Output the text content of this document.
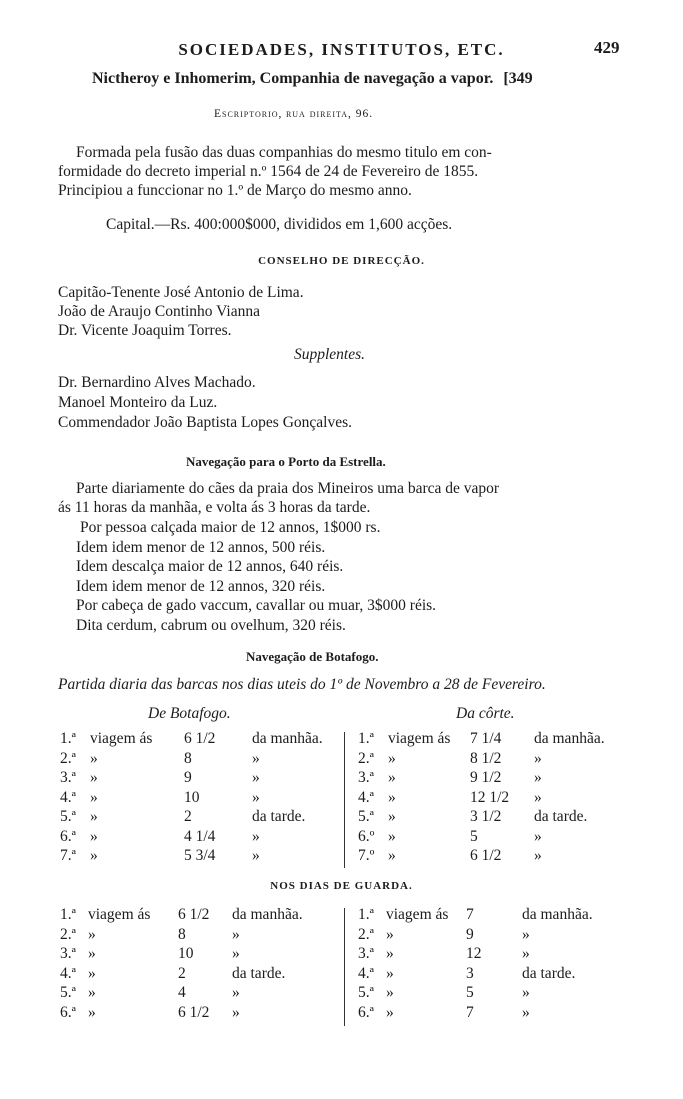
SOCIEDADES, INSTITUTOS, ETC.	429
Nictheroy e Inhomerim, Companhia de navegação a vapor. [349
Escriptorio, rua direita, 96.
Formada pela fusão das duas companhias do mesmo titulo em con-
formidade do decreto imperial n.º 1564 de 24 de Fevereiro de 1855.
Principiou a funccionar no 1.º de Março do mesmo anno.
Capital.—Rs. 400:000$000, divididos em 1,600 acções.
CONSELHO DE DIRECÇÃO.
Capitão-Tenente José Antonio de Lima.
João de Araujo Continho Vianna
Dr. Vicente Joaquim Torres.
Supplentes.
Dr. Bernardino Alves Machado.
Manoel Monteiro da Luz.
Commendador João Baptista Lopes Gonçalves.
Navegação para o Porto da Estrella.
Parte diariamente do cães da praia dos Mineiros uma barca de vapor
ás 11 horas da manhãa, e volta ás 3 horas da tarde.
Por pessoa calçada maior de 12 annos, 1$000 rs.
Idem idem menor de 12 annos, 500 réis.
Idem descalça maior de 12 annos, 640 réis.
Idem idem menor de 12 annos, 320 réis.
Por cabeça de gado vaccum, cavallar ou muar, 3$000 réis.
Dita cerdum, cabrum ou ovelhum, 320 réis.
Navegação de Botafogo.
Partida diaria das barcas nos dias uteis do 1º de Novembro a 28 de Fevereiro.
De Botafogo.	Da côrte.
1.ª viagem ás 6 1/2 da manhãa.
2.ª »	8	»
3.ª »	9	»
4.ª »	10	»
5.ª »	2	da tarde.
6.ª »	4 1/4 »
7.ª »	5 3/4 »
1.ª viagem ás 7 1/4 da manhãa.
2.ª »	8 1/2 »
3.ª »	9 1/2 »
4.ª »	12 1/2 »
5.ª »	3 1/2 da tarde.
6.º »	5	»
7.º »	6 1/2 »
NOS DIAS DE GUARDA.
1.ª viagem ás 6 1/2 da manhãa.
2.ª »	8	»
3.ª »	10 »
4.ª »	2	da tarde.
5.ª »	4	»
6.ª »	6 1/2 »
1.ª viagem ás 7	da manhãa.
2.ª »	9	»
3.ª »	12	»
4.ª »	3	da tarde.
5.ª »	5	»
6.ª »	7	»
